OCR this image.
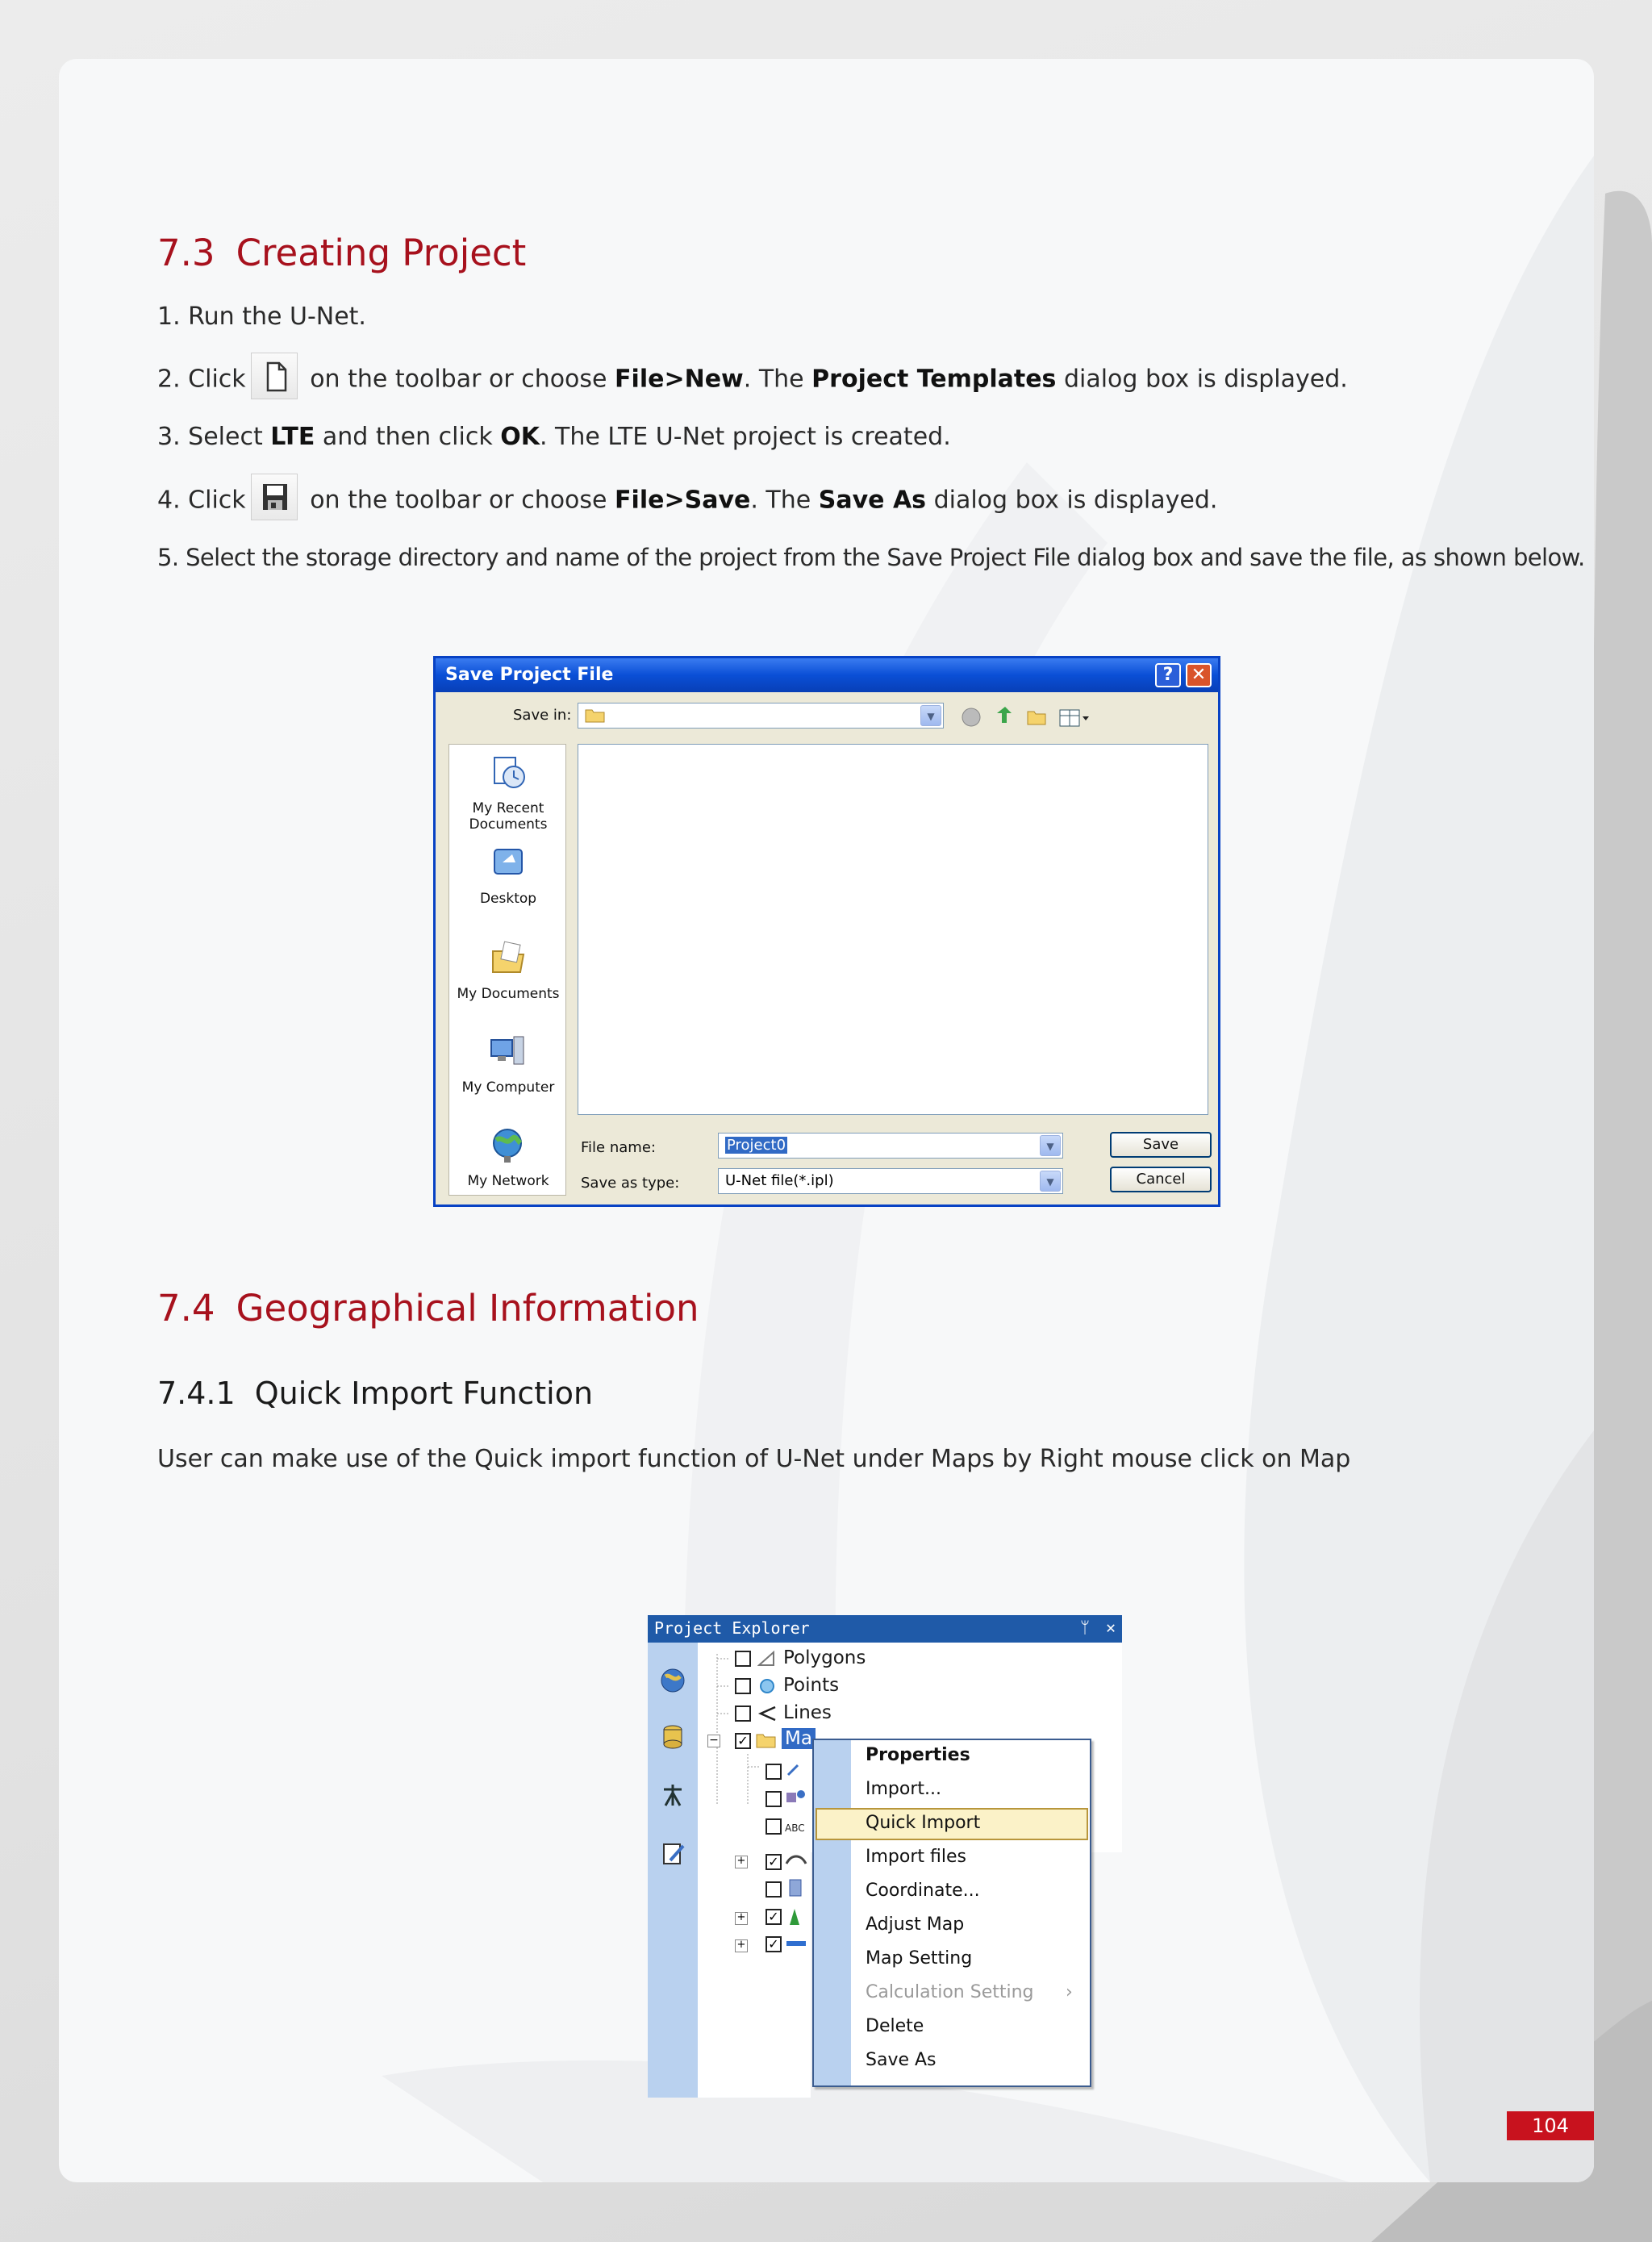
7.3 Creating Project
1. Run the U-Net.
2. Click on the toolbar or choose File>New. The Project Templates dialog box is displayed.
3. Select LTE and then click OK. The LTE U-Net project is created.
4. Click on the toolbar or choose File>Save. The Save As dialog box is displayed.
5. Select the storage directory and name of the project from the Save Project File dialog box and save the file, as shown below.
Save Project File	?	✕
Save in:	▼
My Recent
Documents
Desktop
My Documents
My Computer
My Network
File name:	Project0	▼	Save
Save as type:	U-Net file(*.ipl)	▼	Cancel
7.4 Geographical Information
7.4.1 Quick Import Function
User can make use of the Quick import function of U-Net under Maps by Right mouse click on Map
Project Explorer	ᛘ ✕
Polygons
Points
Lines
− ✓ Ma
ABC
+ ✓
+ ✓
+ ✓
Properties
Import...
Quick Import
Import files
Coordinate...
Adjust Map
Map Setting
Calculation Setting ›
Delete
Save As
104
